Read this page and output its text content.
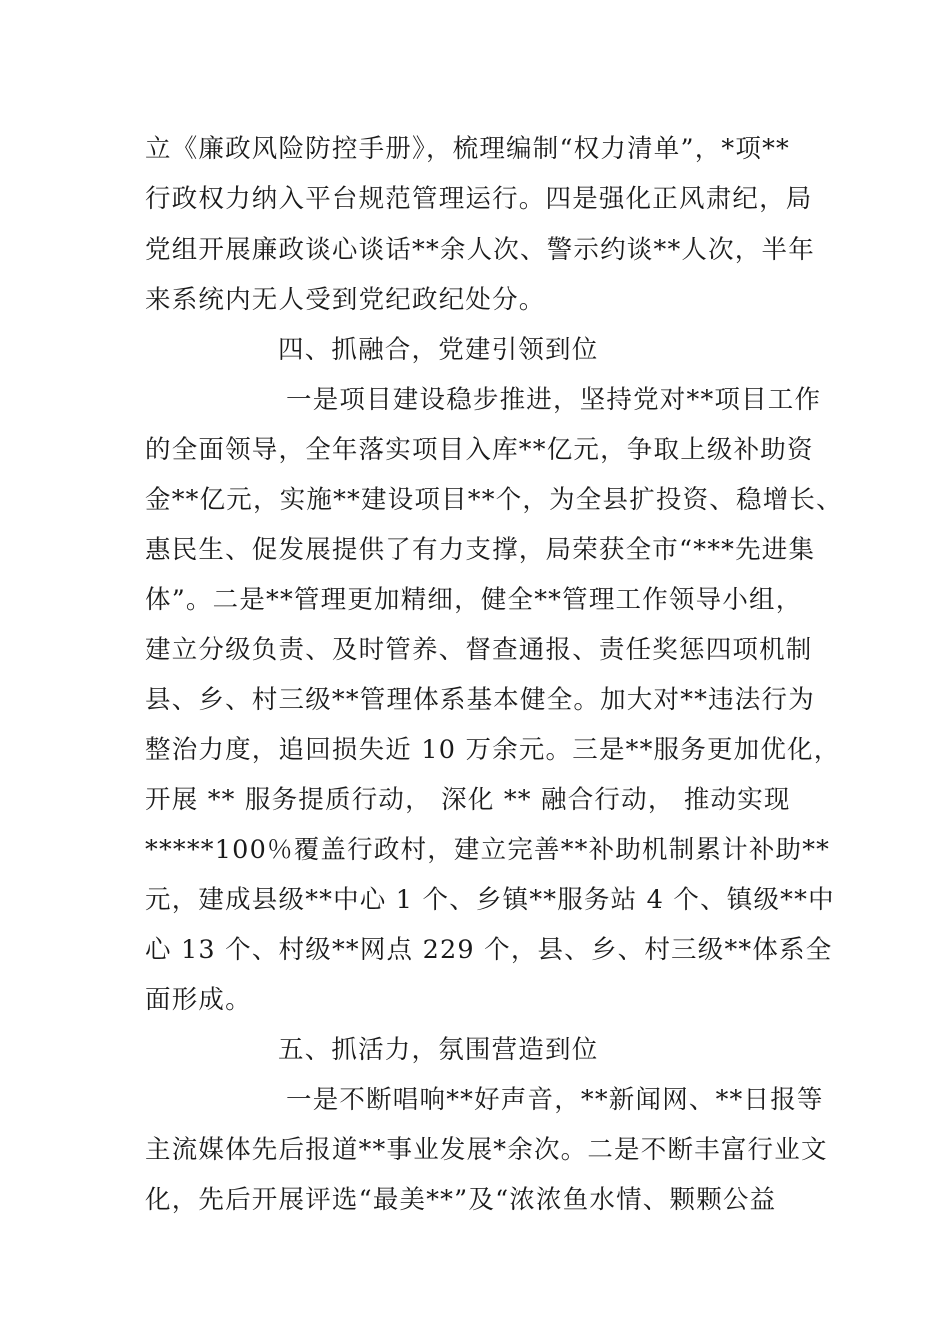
立《廉政风险防控手册》，梳理编制“权力清单”，*项**
行政权力纳入平台规范管理运行。四是强化正风肃纪，局
党组开展廉政谈心谈话**余人次、警示约谈**人次，半年
来系统内无人受到党纪政纪处分。
四、抓融合，党建引领到位
一是项目建设稳步推进，坚持党对**项目工作
的全面领导，全年落实项目入库**亿元，争取上级补助资
金**亿元，实施**建设项目**个，为全县扩投资、稳增长、
惠民生、促发展提供了有力支撑，局荣获全市“***先进集
体”。二是**管理更加精细，健全**管理工作领导小组，
建立分级负责、及时管养、督查通报、责任奖惩四项机制
县、乡、村三级**管理体系基本健全。加大对**违法行为
整治力度，追回损失近 10 万余元。三是**服务更加优化，
开展 ** 服务提质行动， 深化 ** 融合行动， 推动实现
*****100％覆盖行政村，建立完善**补助机制累计补助**
元，建成县级**中心 1 个、乡镇**服务站 4 个、镇级**中
心 13 个、村级**网点 229 个，县、乡、村三级**体系全
面形成。
五、抓活力，氛围营造到位
一是不断唱响**好声音，**新闻网、**日报等
主流媒体先后报道**事业发展*余次。二是不断丰富行业文
化，先后开展评选“最美**”及“浓浓鱼水情、颗颗公益
